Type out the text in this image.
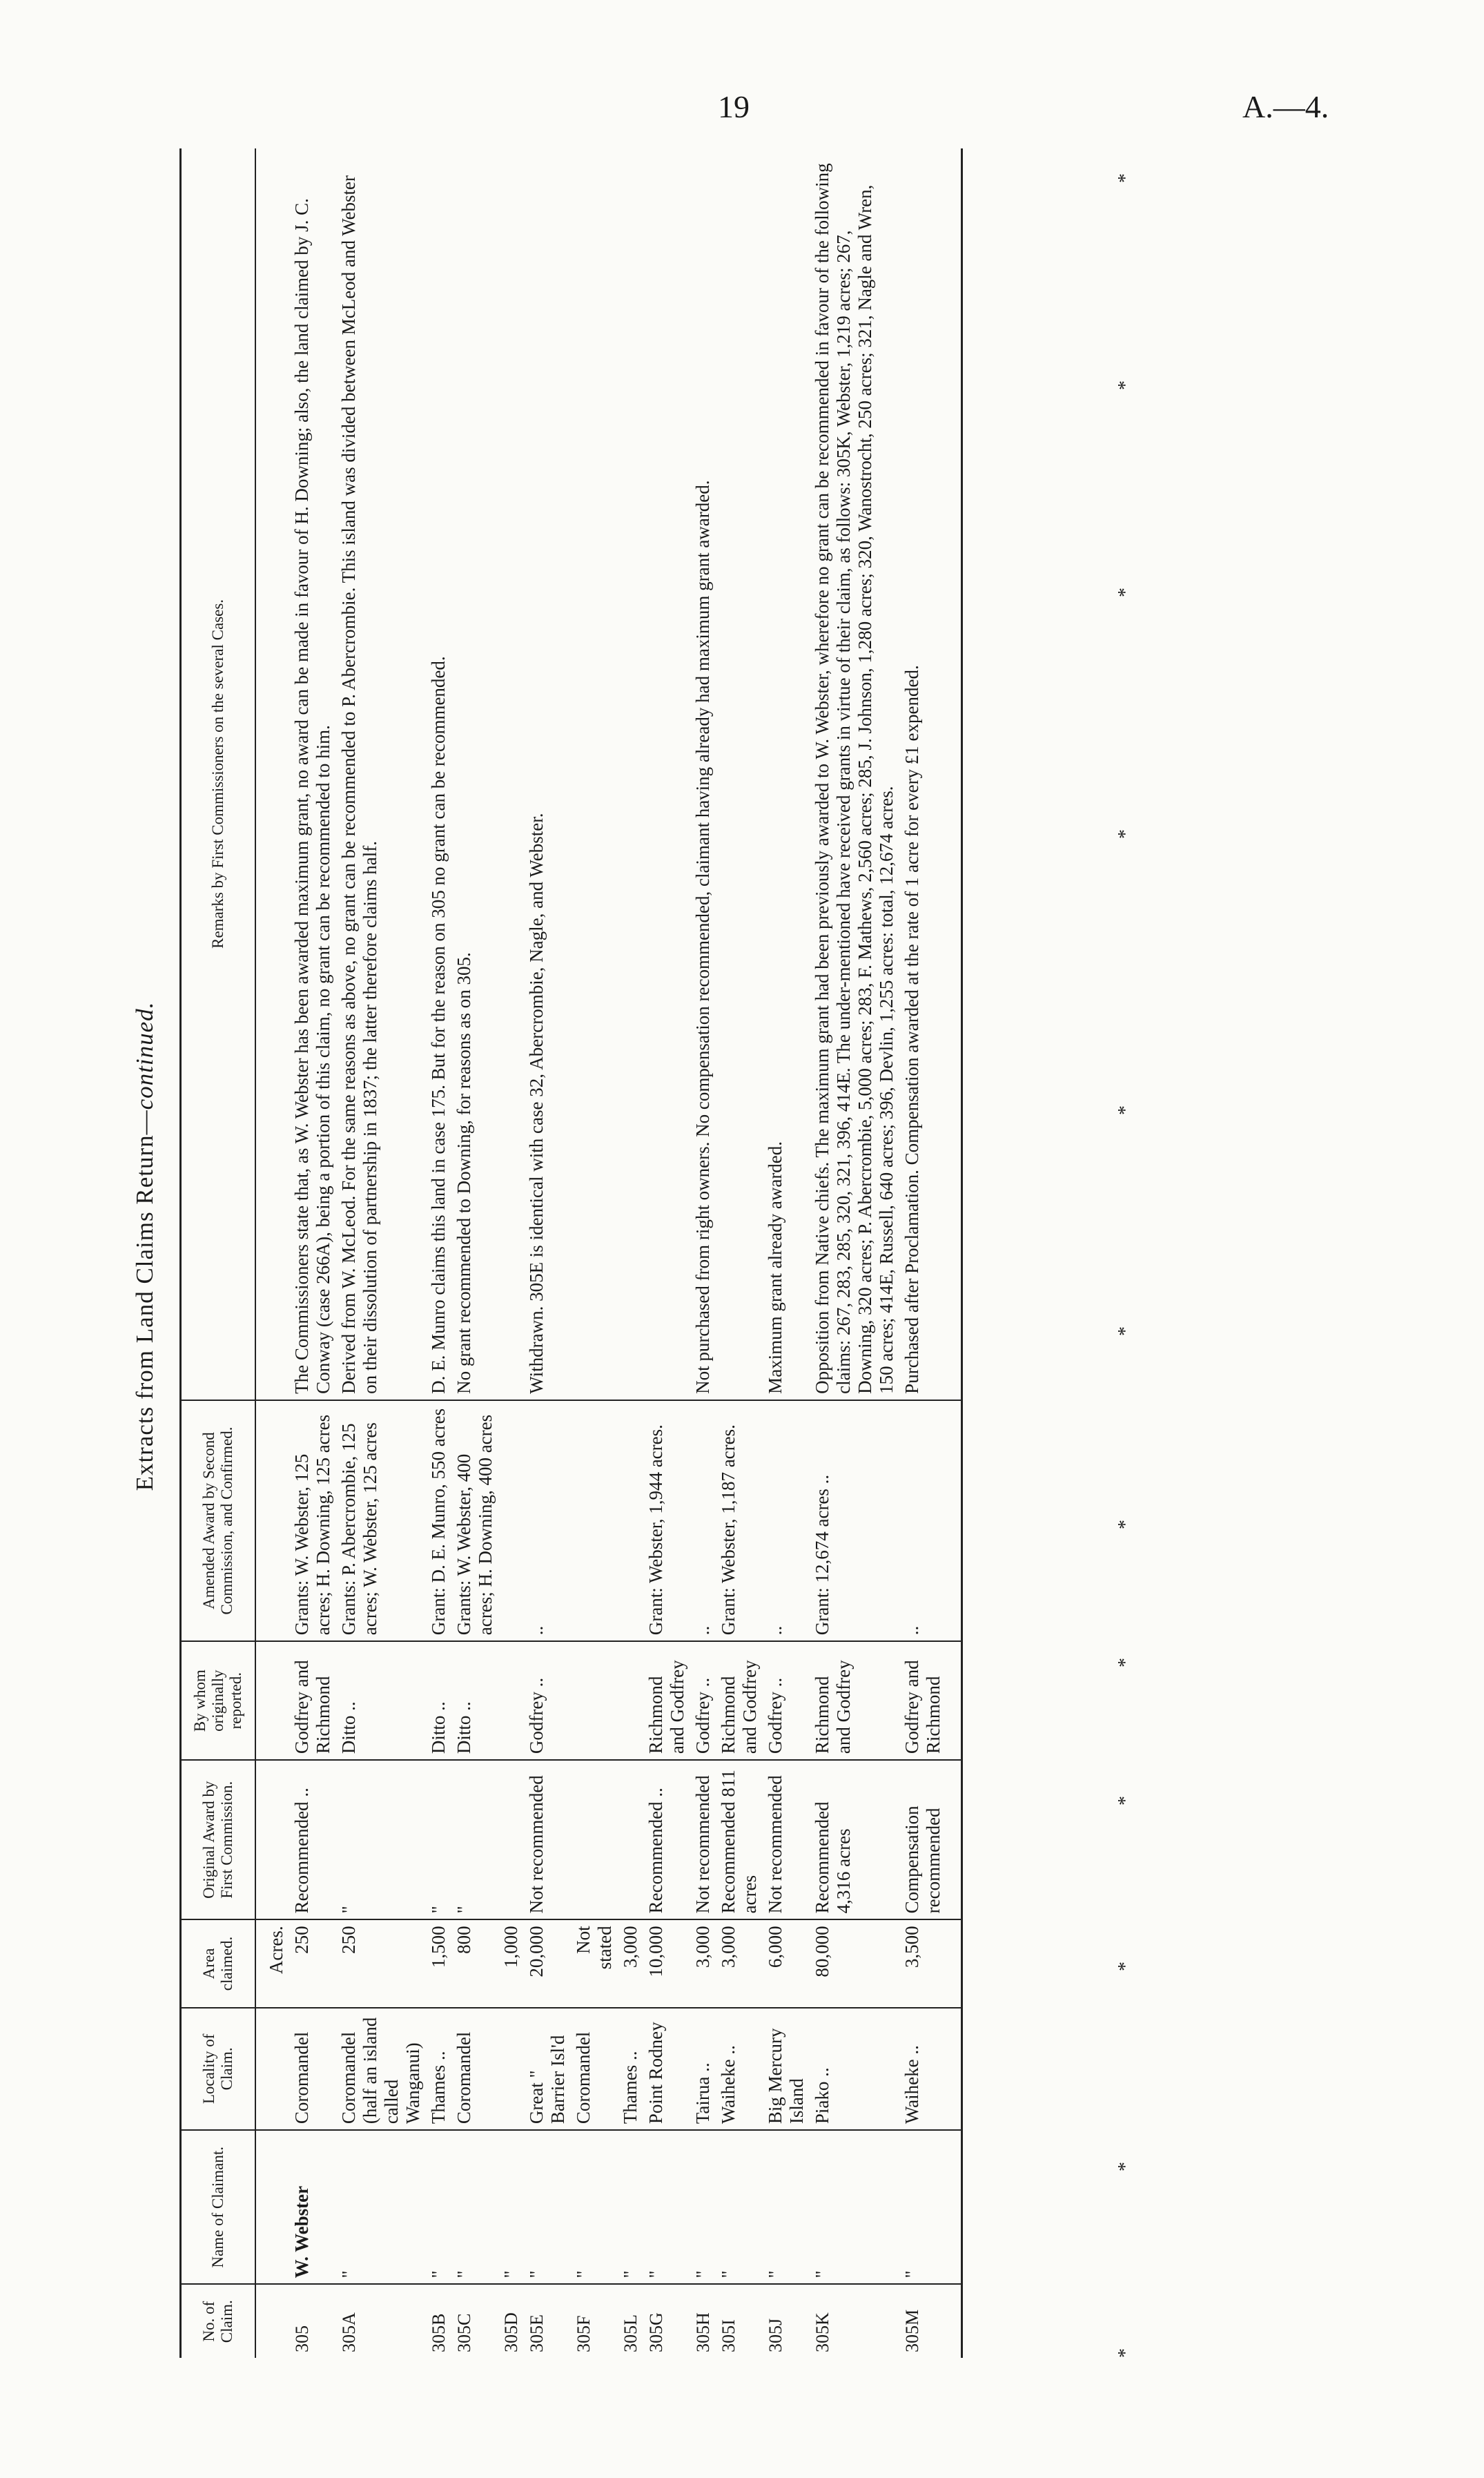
19	A.—4.
Extracts from Land Claims Return—continued.
No. of Claim.	Name of Claimant.	Locality of Claim.	Area claimed.	Original Award by First Commission.	By whom originally reported.	Amended Award by Second Commission, and Confirmed.	Remarks by First Commissioners on the several Cases.
			Acres.				
305	W. Webster	Coromandel	250	Recommended ..	Godfrey and Richmond	Grants: W. Webster, 125 acres; H. Downing, 125 acres	The Commissioners state that, as W. Webster has been awarded maximum grant, no award can be made in favour of H. Downing; also, the land claimed by J. C. Conway (case 266A), being a portion of this claim, no grant can be recommended to him.
305A	"	Coromandel (half an island called Wanganui)	250	"	Ditto ..	Grants: P. Abercrombie, 125 acres; W. Webster, 125 acres	Derived from W. McLeod. For the same reasons as above, no grant can be recommended to P. Abercrombie. This island was divided between McLeod and Webster on their dissolution of partnership in 1837; the latter therefore claims half.
305B	"	Thames ..	1,500	"	Ditto ..	Grant: D. E. Munro, 550 acres	D. E. Munro claims this land in case 175. But for the reason on 305 no grant can be recommended.
305C	"	Coromandel	800	"	Ditto ..	Grants: W. Webster, 400 acres; H. Downing, 400 acres	No grant recommended to Downing, for reasons as on 305.
305D	"		1,000				
305E	"	Great " Barrier Isl'd	20,000	Not recommended	Godfrey ..	..	Withdrawn. 305E is identical with case 32, Abercrombie, Nagle, and Webster.
305F	"	Coromandel	Not stated				
305L	"	Thames ..	3,000				
305G	"	Point Rodney	10,000	Recommended ..	Richmond and Godfrey	Grant: Webster, 1,944 acres.	
305H	"	Tairua ..	3,000	Not recommended	Godfrey ..	..	Not purchased from right owners. No compensation recommended, claimant having already had maximum grant awarded.
305I	"	Waiheke ..	3,000	Recommended 811 acres	Richmond and Godfrey	Grant: Webster, 1,187 acres.	
305J	"	Big Mercury Island	6,000	Not recommended	Godfrey ..	..	Maximum grant already awarded.
305K	"	Piako ..	80,000	Recommended 4,316 acres	Richmond and Godfrey	Grant: 12,674 acres ..	Opposition from Native chiefs. The maximum grant had been previously awarded to W. Webster, wherefore no grant can be recommended in favour of the following claims: 267, 283, 285, 320, 321, 396, 414E. The under-mentioned have received grants in virtue of their claim, as follows: 305K, Webster, 1,219 acres; 267, Downing, 320 acres; P. Abercrombie, 5,000 acres; 283, F. Mathews, 2,560 acres; 285, J. Johnson, 1,280 acres; 320, Wanostrocht, 250 acres; 321, Nagle and Wren, 150 acres; 414E, Russell, 640 acres; 396, Devlin, 1,255 acres: total, 12,674 acres.
305M	"	Waiheke ..	3,500	Compensation recommended	Godfrey and Richmond	..	Purchased after Proclamation. Compensation awarded at the rate of 1 acre for every £1 expended.
*
*
*
*
*
*
*
*
*
*
*
*
